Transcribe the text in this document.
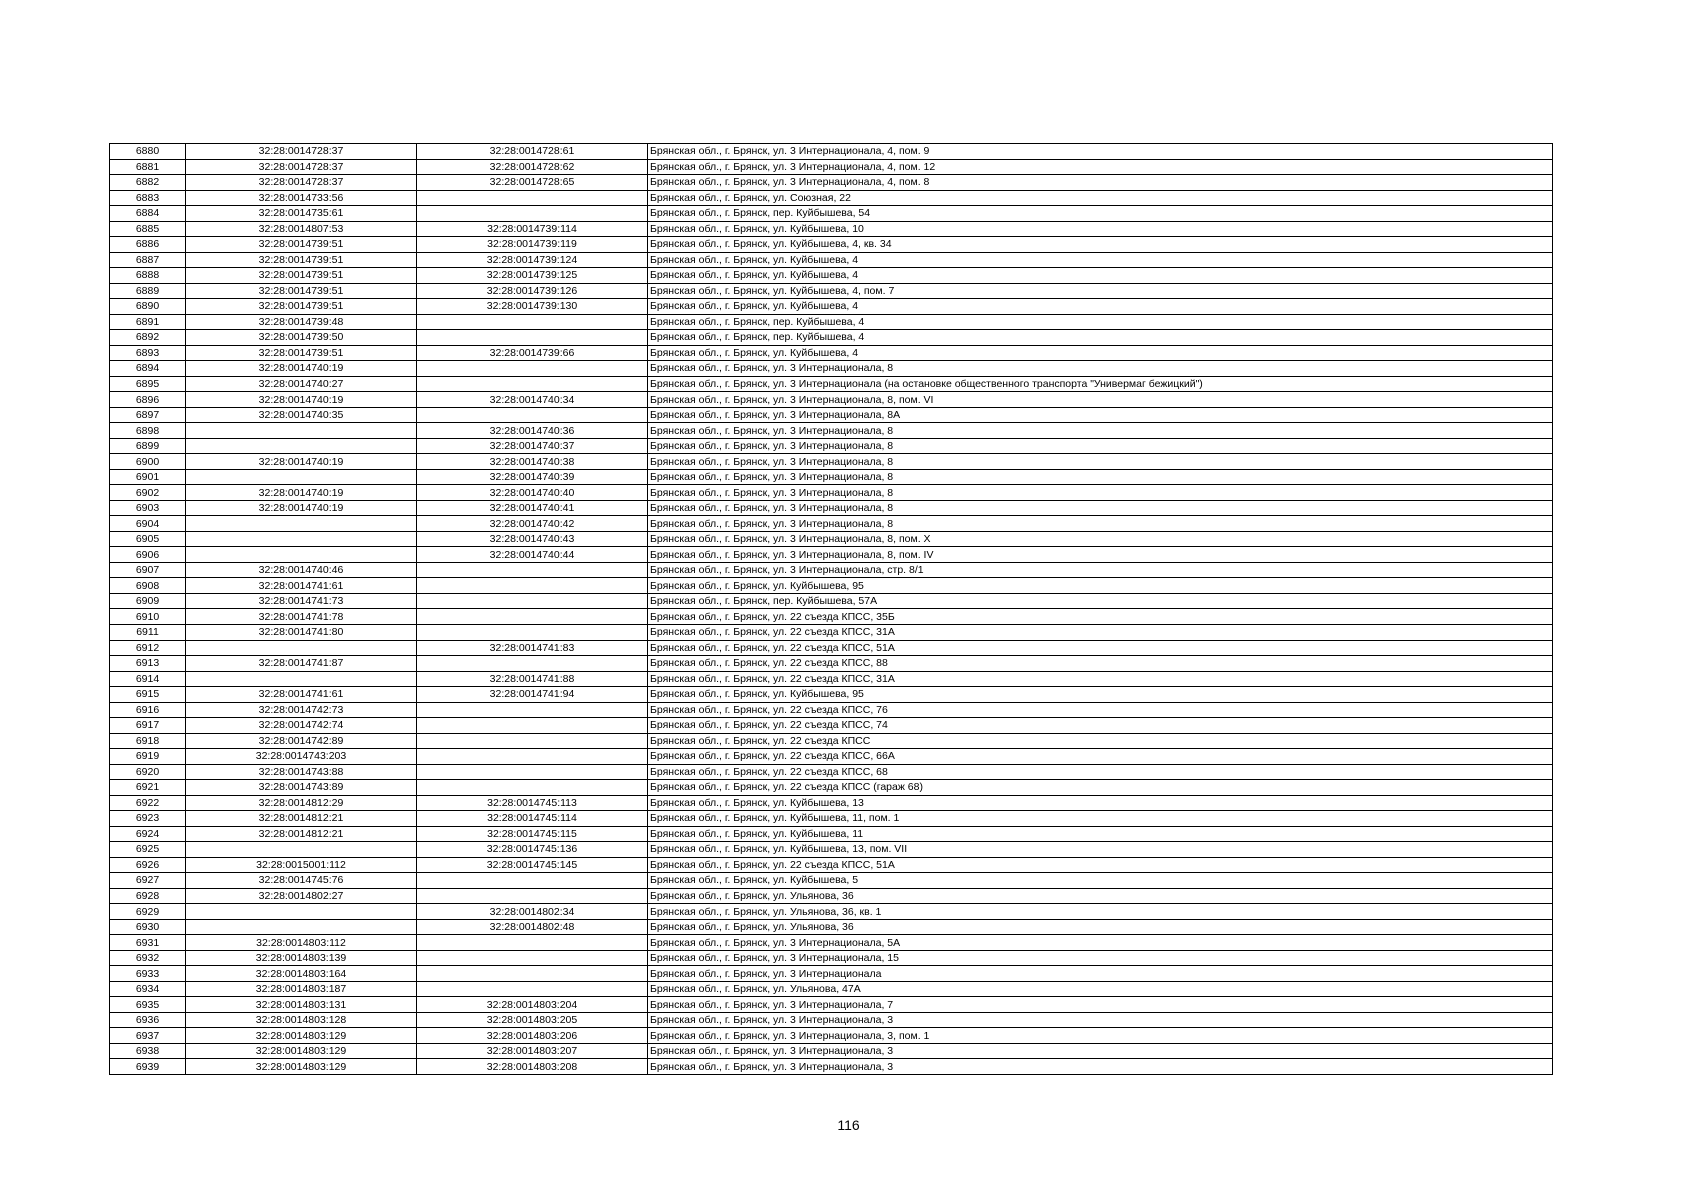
6880	32:28:0014728:37	32:28:0014728:61	Брянская обл., г. Брянск, ул. 3 Интернационала, 4, пом. 9
6881	32:28:0014728:37	32:28:0014728:62	Брянская обл., г. Брянск, ул. 3 Интернационала, 4, пом. 12
6882	32:28:0014728:37	32:28:0014728:65	Брянская обл., г. Брянск, ул. 3 Интернационала, 4, пом. 8
6883	32:28:0014733:56		Брянская обл., г. Брянск, ул. Союзная, 22
6884	32:28:0014735:61		Брянская обл., г. Брянск, пер. Куйбышева, 54
6885	32:28:0014807:53	32:28:0014739:114	Брянская обл., г. Брянск, ул. Куйбышева, 10
6886	32:28:0014739:51	32:28:0014739:119	Брянская обл., г. Брянск, ул. Куйбышева, 4, кв. 34
6887	32:28:0014739:51	32:28:0014739:124	Брянская обл., г. Брянск, ул. Куйбышева, 4
6888	32:28:0014739:51	32:28:0014739:125	Брянская обл., г. Брянск, ул. Куйбышева, 4
6889	32:28:0014739:51	32:28:0014739:126	Брянская обл., г. Брянск, ул. Куйбышева, 4, пом. 7
6890	32:28:0014739:51	32:28:0014739:130	Брянская обл., г. Брянск, ул. Куйбышева, 4
6891	32:28:0014739:48		Брянская обл., г. Брянск, пер. Куйбышева, 4
6892	32:28:0014739:50		Брянская обл., г. Брянск, пер. Куйбышева, 4
6893	32:28:0014739:51	32:28:0014739:66	Брянская обл., г. Брянск, ул. Куйбышева, 4
6894	32:28:0014740:19		Брянская обл., г. Брянск, ул. 3 Интернационала, 8
6895	32:28:0014740:27		Брянская обл., г. Брянск, ул. 3 Интернационала (на остановке общественного транспорта "Универмаг бежицкий")
6896	32:28:0014740:19	32:28:0014740:34	Брянская обл., г. Брянск, ул. 3 Интернационала, 8, пом. VI
6897	32:28:0014740:35		Брянская обл., г. Брянск, ул. 3 Интернационала, 8А
6898		32:28:0014740:36	Брянская обл., г. Брянск, ул. 3 Интернационала, 8
6899		32:28:0014740:37	Брянская обл., г. Брянск, ул. 3 Интернационала, 8
6900	32:28:0014740:19	32:28:0014740:38	Брянская обл., г. Брянск, ул. 3 Интернационала, 8
6901		32:28:0014740:39	Брянская обл., г. Брянск, ул. 3 Интернационала, 8
6902	32:28:0014740:19	32:28:0014740:40	Брянская обл., г. Брянск, ул. 3 Интернационала, 8
6903	32:28:0014740:19	32:28:0014740:41	Брянская обл., г. Брянск, ул. 3 Интернационала, 8
6904		32:28:0014740:42	Брянская обл., г. Брянск, ул. 3 Интернационала, 8
6905		32:28:0014740:43	Брянская обл., г. Брянск, ул. 3 Интернационала, 8, пом. X
6906		32:28:0014740:44	Брянская обл., г. Брянск, ул. 3 Интернационала, 8, пом. IV
6907	32:28:0014740:46		Брянская обл., г. Брянск, ул. 3 Интернационала, стр. 8/1
6908	32:28:0014741:61		Брянская обл., г. Брянск, ул. Куйбышева, 95
6909	32:28:0014741:73		Брянская обл., г. Брянск, пер. Куйбышева, 57А
6910	32:28:0014741:78		Брянская обл., г. Брянск, ул. 22 съезда КПСС, 35Б
6911	32:28:0014741:80		Брянская обл., г. Брянск, ул. 22 съезда КПСС, 31А
6912		32:28:0014741:83	Брянская обл., г. Брянск, ул. 22 съезда КПСС, 51А
6913	32:28:0014741:87		Брянская обл., г. Брянск, ул. 22 съезда КПСС, 88
6914		32:28:0014741:88	Брянская обл., г. Брянск, ул. 22 съезда КПСС, 31А
6915	32:28:0014741:61	32:28:0014741:94	Брянская обл., г. Брянск, ул. Куйбышева, 95
6916	32:28:0014742:73		Брянская обл., г. Брянск, ул. 22 съезда КПСС, 76
6917	32:28:0014742:74		Брянская обл., г. Брянск, ул. 22 съезда КПСС, 74
6918	32:28:0014742:89		Брянская обл., г. Брянск, ул. 22 съезда КПСС
6919	32:28:0014743:203		Брянская обл., г. Брянск, ул. 22 съезда КПСС, 66А
6920	32:28:0014743:88		Брянская обл., г. Брянск, ул. 22 съезда КПСС, 68
6921	32:28:0014743:89		Брянская обл., г. Брянск, ул. 22 съезда КПСС (гараж 68)
6922	32:28:0014812:29	32:28:0014745:113	Брянская обл., г. Брянск, ул. Куйбышева, 13
6923	32:28:0014812:21	32:28:0014745:114	Брянская обл., г. Брянск, ул. Куйбышева, 11, пом. 1
6924	32:28:0014812:21	32:28:0014745:115	Брянская обл., г. Брянск, ул. Куйбышева, 11
6925		32:28:0014745:136	Брянская обл., г. Брянск, ул. Куйбышева, 13, пом. VII
6926	32:28:0015001:112	32:28:0014745:145	Брянская обл., г. Брянск, ул. 22 съезда КПСС, 51А
6927	32:28:0014745:76		Брянская обл., г. Брянск, ул. Куйбышева, 5
6928	32:28:0014802:27		Брянская обл., г. Брянск, ул. Ульянова, 36
6929		32:28:0014802:34	Брянская обл., г. Брянск, ул. Ульянова, 36, кв. 1
6930		32:28:0014802:48	Брянская обл., г. Брянск, ул. Ульянова, 36
6931	32:28:0014803:112		Брянская обл., г. Брянск, ул. 3 Интернационала, 5А
6932	32:28:0014803:139		Брянская обл., г. Брянск, ул. 3 Интернационала, 15
6933	32:28:0014803:164		Брянская обл., г. Брянск, ул. 3 Интернационала
6934	32:28:0014803:187		Брянская обл., г. Брянск, ул. Ульянова, 47А
6935	32:28:0014803:131	32:28:0014803:204	Брянская обл., г. Брянск, ул. 3 Интернационала, 7
6936	32:28:0014803:128	32:28:0014803:205	Брянская обл., г. Брянск, ул. 3 Интернационала, 3
6937	32:28:0014803:129	32:28:0014803:206	Брянская обл., г. Брянск, ул. 3 Интернационала, 3, пом. 1
6938	32:28:0014803:129	32:28:0014803:207	Брянская обл., г. Брянск, ул. 3 Интернационала, 3
6939	32:28:0014803:129	32:28:0014803:208	Брянская обл., г. Брянск, ул. 3 Интернационала, 3
116
